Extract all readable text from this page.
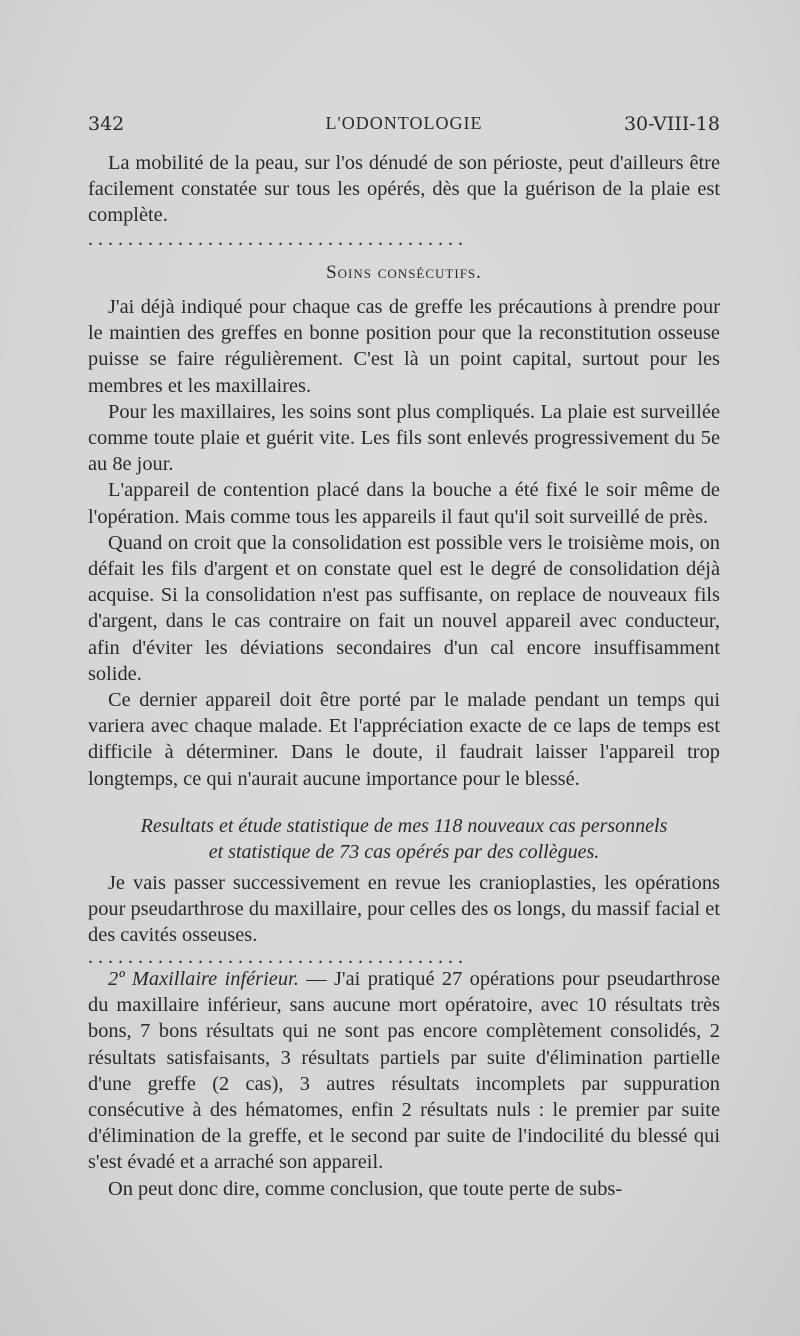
342	L'ODONTOLOGIE	30-VIII-18

La mobilité de la peau, sur l'os dénudé de son périoste, peut d'ailleurs être facilement constatée sur tous les opérés, dès que la guérison de la plaie est complète.

. . . . . . . . . . . . . . . . . . . . . . . . . . . . . . . . . . . . . .
Soins consécutifs.

J'ai déjà indiqué pour chaque cas de greffe les précautions à prendre pour le maintien des greffes en bonne position pour que la reconstitution osseuse puisse se faire régulièrement. C'est là un point capital, surtout pour les membres et les maxillaires.

Pour les maxillaires, les soins sont plus compliqués. La plaie est surveillée comme toute plaie et guérit vite. Les fils sont enlevés progressivement du 5e au 8e jour.

L'appareil de contention placé dans la bouche a été fixé le soir même de l'opération. Mais comme tous les appareils il faut qu'il soit surveillé de près.

Quand on croit que la consolidation est possible vers le troisième mois, on défait les fils d'argent et on constate quel est le degré de consolidation déjà acquise. Si la consolidation n'est pas suffisante, on replace de nouveaux fils d'argent, dans le cas contraire on fait un nouvel appareil avec conducteur, afin d'éviter les déviations secondaires d'un cal encore insuffisamment solide.

Ce dernier appareil doit être porté par le malade pendant un temps qui variera avec chaque malade. Et l'appréciation exacte de ce laps de temps est difficile à déterminer. Dans le doute, il faudrait laisser l'appareil trop longtemps, ce qui n'aurait aucune importance pour le blessé.

Resultats et étude statistique de mes 118 nouveaux cas personnels
et statistique de 73 cas opérés par des collègues.

Je vais passer successivement en revue les cranioplasties, les opérations pour pseudarthrose du maxillaire, pour celles des os longs, du massif facial et des cavités osseuses.

. . . . . . . . . . . . . . . . . . . . . . . . . . . . . . . . . . . . . .

2º Maxillaire inférieur. — J'ai pratiqué 27 opérations pour pseudarthrose du maxillaire inférieur, sans aucune mort opératoire, avec 10 résultats très bons, 7 bons résultats qui ne sont pas encore complètement consolidés, 2 résultats satisfaisants, 3 résultats partiels par suite d'élimination partielle d'une greffe (2 cas), 3 autres résultats incomplets par suppuration consécutive à des hématomes, enfin 2 résultats nuls : le premier par suite d'élimination de la greffe, et le second par suite de l'indocilité du blessé qui s'est évadé et a arraché son appareil.

On peut donc dire, comme conclusion, que toute perte de subs-
